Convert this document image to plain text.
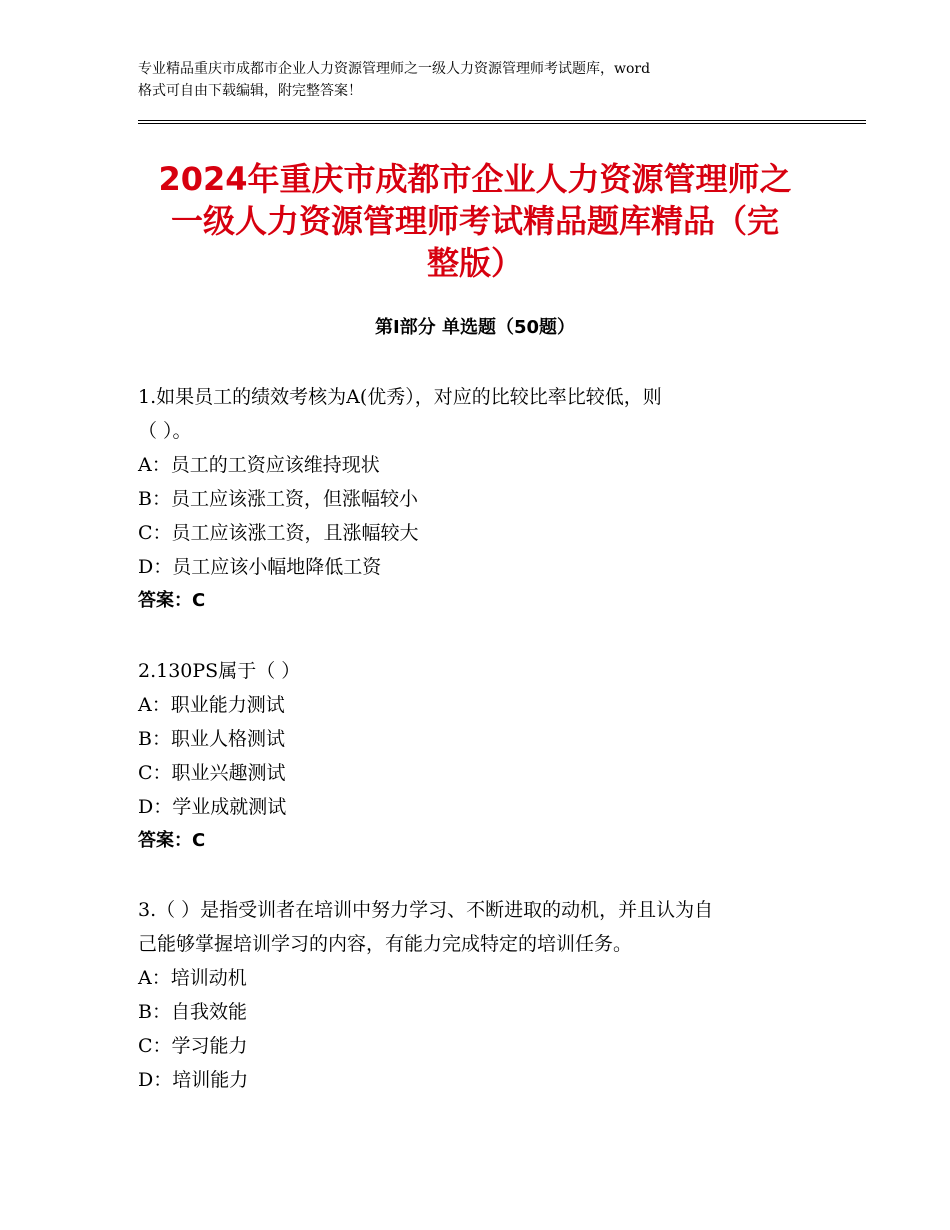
专业精品重庆市成都市企业人力资源管理师之一级人力资源管理师考试题库，word
格式可自由下载编辑，附完整答案！
2024年重庆市成都市企业人力资源管理师之
一级人力资源管理师考试精品题库精品（完
整版）
第Ⅰ部分 单选题（50题）

1.如果员工的绩效考核为A(优秀），对应的比较比率比较低，则
（ ）。

A：员工的工资应该维持现状

B：员工应该涨工资，但涨幅较小

C：员工应该涨工资，且涨幅较大

D：员工应该小幅地降低工资

答案：C

2.130PS属于（ ）

A：职业能力测试

B：职业人格测试

C：职业兴趣测试

D：学业成就测试

答案：C

3.（ ）是指受训者在培训中努力学习、不断进取的动机，并且认为自
己能够掌握培训学习的内容，有能力完成特定的培训任务。

A：培训动机

B：自我效能

C：学习能力

D：培训能力
